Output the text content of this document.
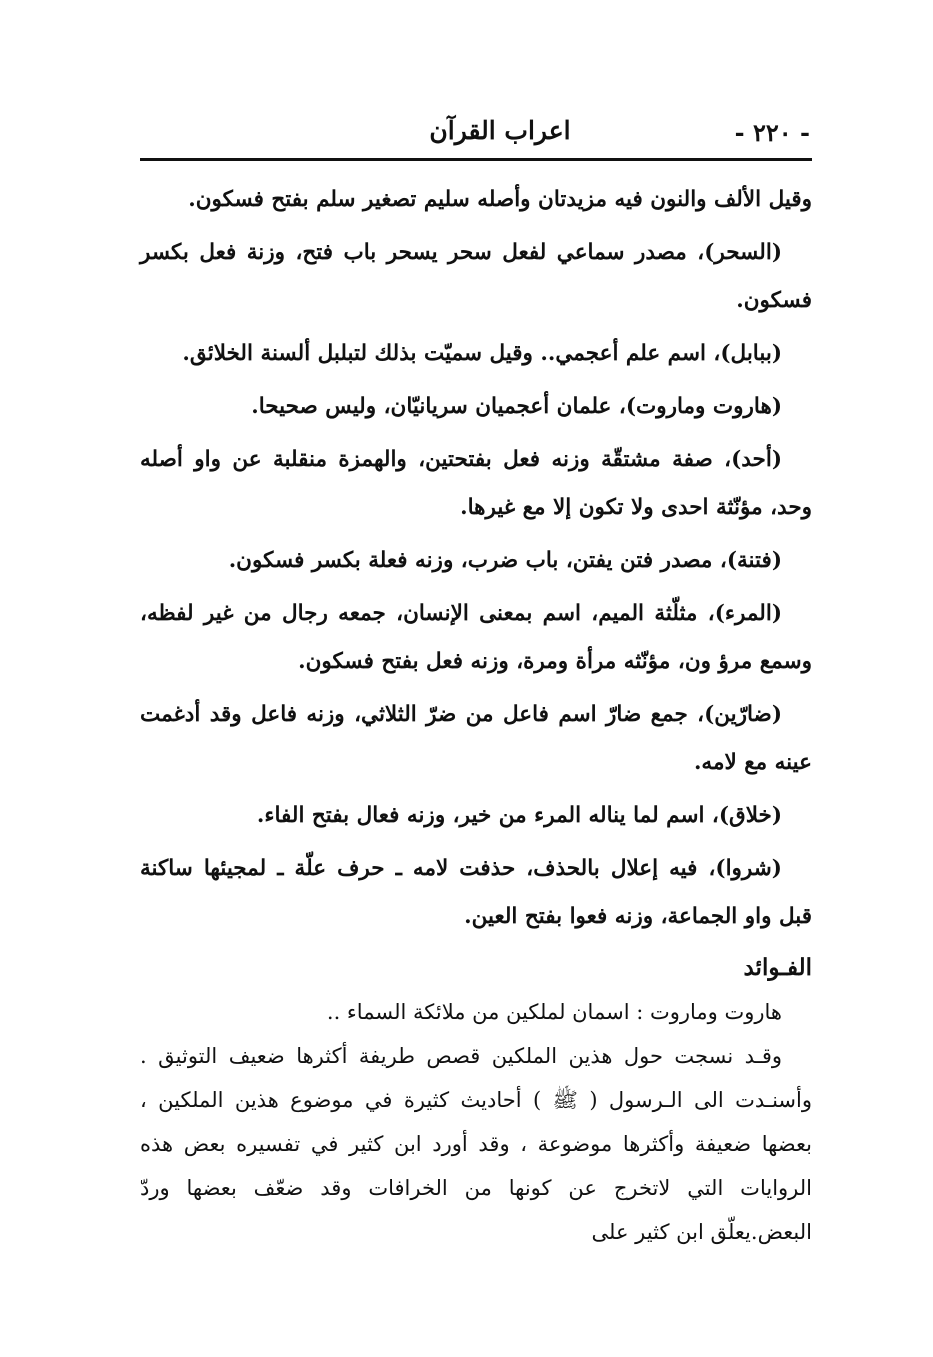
- ٢٢٠ -
اعراب القرآن

وقيل الألف والنون فيه مزيدتان وأصله سليم تصغير سلم بفتح فسكون.

(السحر)، مصدر سماعي لفعل سحر يسحر باب فتح، وزنة فعل بكسر فسكون.

(ببابل)، اسم علم أعجمي.. وقيل سميّت بذلك لتبلبل ألسنة الخلائق.

(هاروت وماروت)، علمان أعجميان سريانيّان، وليس صحيحا.

(أحد)، صفة مشتقّة وزنه فعل بفتحتين، والهمزة منقلبة عن واو أصله وحد، مؤنّثة احدى ولا تكون إلا مع غيرها.

(فتنة)، مصدر فتن يفتن، باب ضرب، وزنه فعلة بكسر فسكون.

(المرء)، مثلّثة الميم، اسم بمعنى الإنسان، جمعه رجال من غير لفظه، وسمع مرؤ ون، مؤنّثه مرأة ومرة، وزنه فعل بفتح فسكون.

(ضارّين)، جمع ضارّ اسم فاعل من ضرّ الثلاثي، وزنه فاعل وقد أدغمت عينه مع لامه.

(خلاق)، اسم لما يناله المرء من خير، وزنه فعال بفتح الفاء.

(شروا)، فيه إعلال بالحذف، حذفت لامه ـ حرف علّة ـ لمجيئها ساكنة قبل واو الجماعة، وزنه فعوا بفتح العين.

الفـوائد

هاروت وماروت : اسمان لملكين من ملائكة السماء ..

وقـد نسجت حول هذين الملكين قصص طريفة أكثرها ضعيف التوثيق . وأسنـدت الى الـرسول ( ﷺ ) أحاديث كثيرة في موضوع هذين الملكين ، بعضها ضعيفة وأكثرها موضوعة ، وقد أورد ابن كثير في تفسيره بعض هذه الروايات التي لاتخرج عن كونها من الخرافات وقد ضعّف بعضها وردّ البعض.يعلّق ابن كثير على
